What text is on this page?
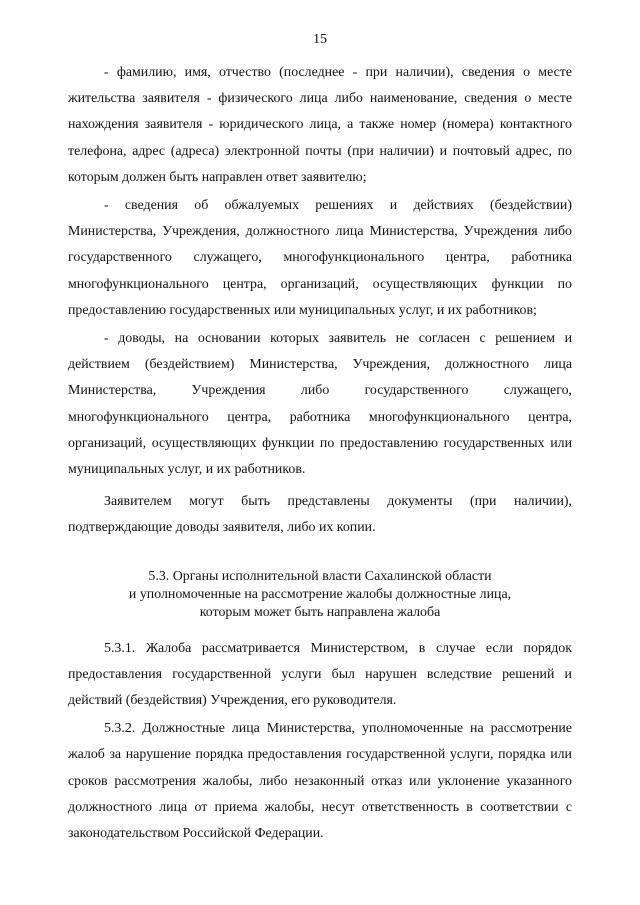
15

- фамилию, имя, отчество (последнее - при наличии), сведения о месте жительства заявителя - физического лица либо наименование, сведения о месте нахождения заявителя - юридического лица, а также номер (номера) контактного телефона, адрес (адреса) электронной почты (при наличии) и почтовый адрес, по которым должен быть направлен ответ заявителю;

- сведения об обжалуемых решениях и действиях (бездействии) Министерства, Учреждения, должностного лица Министерства, Учреждения либо государственного служащего, многофункционального центра, работника многофункционального центра, организаций, осуществляющих функции по предоставлению государственных или муниципальных услуг, и их работников;

- доводы, на основании которых заявитель не согласен с решением и действием (бездействием) Министерства, Учреждения, должностного лица Министерства, Учреждения либо государственного служащего, многофункционального центра, работника многофункционального центра, организаций, осуществляющих функции по предоставлению государственных или муниципальных услуг, и их работников.

Заявителем могут быть представлены документы (при наличии), подтверждающие доводы заявителя, либо их копии.

5.3. Органы исполнительной власти Сахалинской области
и уполномоченные на рассмотрение жалобы должностные лица,
которым может быть направлена жалоба

5.3.1. Жалоба рассматривается Министерством, в случае если порядок предоставления государственной услуги был нарушен вследствие решений и действий (бездействия) Учреждения, его руководителя.

5.3.2. Должностные лица Министерства, уполномоченные на рассмотрение жалоб за нарушение порядка предоставления государственной услуги, порядка или сроков рассмотрения жалобы, либо незаконный отказ или уклонение указанного должностного лица от приема жалобы, несут ответственность в соответствии с законодательством Российской Федерации.
